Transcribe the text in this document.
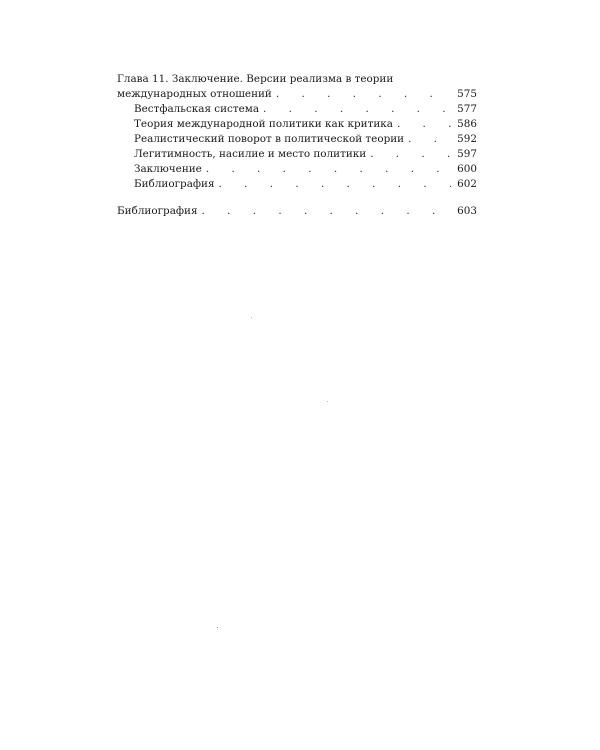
Глава 11. Заключение. Версии реализма в теории
международных отношений . . .	575
Вестфальская система . . .	577
Теория международной политики как критика . . .	586
Реалистический поворот в политической теории . . .	592
Легитимность, насилие и место политики . . .	597
Заключение . . .	600
Библиография . . .	602
Библиография . . .	603
